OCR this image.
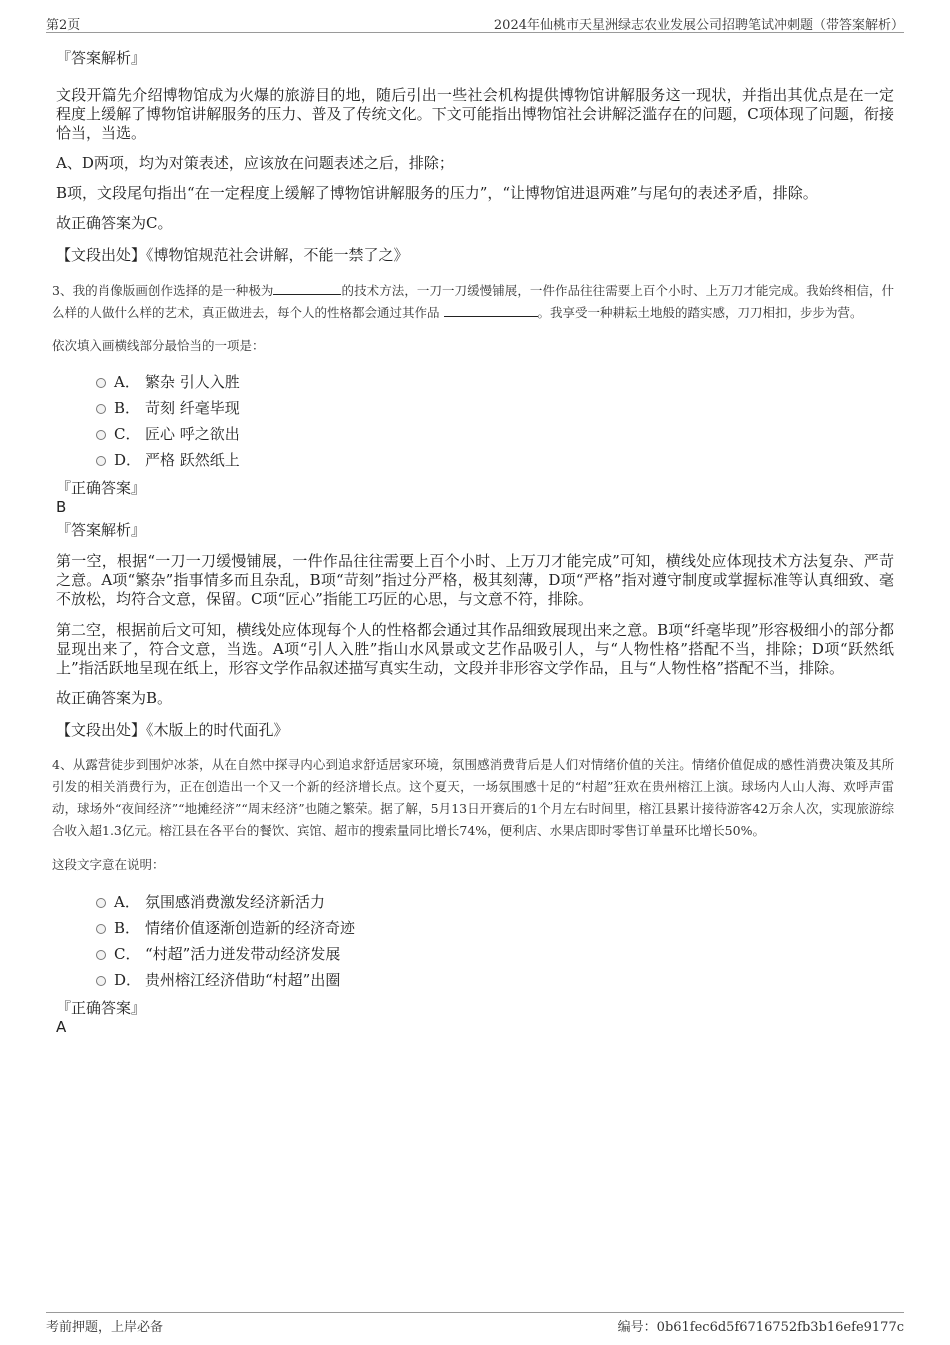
第2页	2024年仙桃市天星洲绿志农业发展公司招聘笔试冲刺题（带答案解析）
『答案解析』

文段开篇先介绍博物馆成为火爆的旅游目的地，随后引出一些社会机构提供博物馆讲解服务这一现状，并指出其优点是在一定程度上缓解了博物馆讲解服务的压力、普及了传统文化。下文可能指出博物馆社会讲解泛滥存在的问题，C项体现了问题，衔接恰当，当选。

A、D两项，均为对策表述，应该放在问题表述之后，排除；

B项，文段尾句指出“在一定程度上缓解了博物馆讲解服务的压力”，“让博物馆进退两难”与尾句的表述矛盾，排除。

故正确答案为C。

【文段出处】《博物馆规范社会讲解，不能一禁了之》

3、我的肖像版画创作选择的是一种极为	的技术方法，一刀一刀缓慢铺展，一件作品往往需要上百个小时、上万刀才能完成。我始终相信，什么样的人做什么样的艺术，真正做进去，每个人的性格都会通过其作品	。我享受一种耕耘土地般的踏实感，刀刀相扣，步步为营。

依次填入画横线部分最恰当的一项是：
A． 繁杂 引人入胜
B． 苛刻 纤毫毕现
C． 匠心 呼之欲出
D． 严格 跃然纸上
『正确答案』
B
『答案解析』

第一空，根据“一刀一刀缓慢铺展，一件作品往往需要上百个小时、上万刀才能完成”可知，横线处应体现技术方法复杂、严苛之意。A项“繁杂”指事情多而且杂乱，B项“苛刻”指过分严格，极其刻薄，D项“严格”指对遵守制度或掌握标准等认真细致、毫不放松，均符合文意，保留。C项“匠心”指能工巧匠的心思，与文意不符，排除。

第二空，根据前后文可知，横线处应体现每个人的性格都会通过其作品细致展现出来之意。B项“纤毫毕现”形容极细小的部分都显现出来了，符合文意，当选。A项“引人入胜”指山水风景或文艺作品吸引人，与“人物性格”搭配不当，排除；D项“跃然纸上”指活跃地呈现在纸上，形容文学作品叙述描写真实生动，文段并非形容文学作品，且与“人物性格”搭配不当，排除。

故正确答案为B。

【文段出处】《木版上的时代面孔》

4、从露营徒步到围炉冰茶，从在自然中探寻内心到追求舒适居家环境，氛围感消费背后是人们对情绪价值的关注。情绪价值促成的感性消费决策及其所引发的相关消费行为，正在创造出一个又一个新的经济增长点。这个夏天，一场氛围感十足的“村超”狂欢在贵州榕江上演。球场内人山人海、欢呼声雷动，球场外“夜间经济”“地摊经济”“周末经济”也随之繁荣。据了解，5月13日开赛后的1个月左右时间里，榕江县累计接待游客42万余人次，实现旅游综合收入超1.3亿元。榕江县在各平台的餐饮、宾馆、超市的搜索量同比增长74%，便利店、水果店即时零售订单量环比增长50%。

这段文字意在说明：
A． 氛围感消费激发经济新活力
B． 情绪价值逐渐创造新的经济奇迹
C． “村超”活力迸发带动经济发展
D． 贵州榕江经济借助“村超”出圈
『正确答案』
A
考前押题，上岸必备	编号：0b61fec6d5f6716752fb3b16efe9177c
